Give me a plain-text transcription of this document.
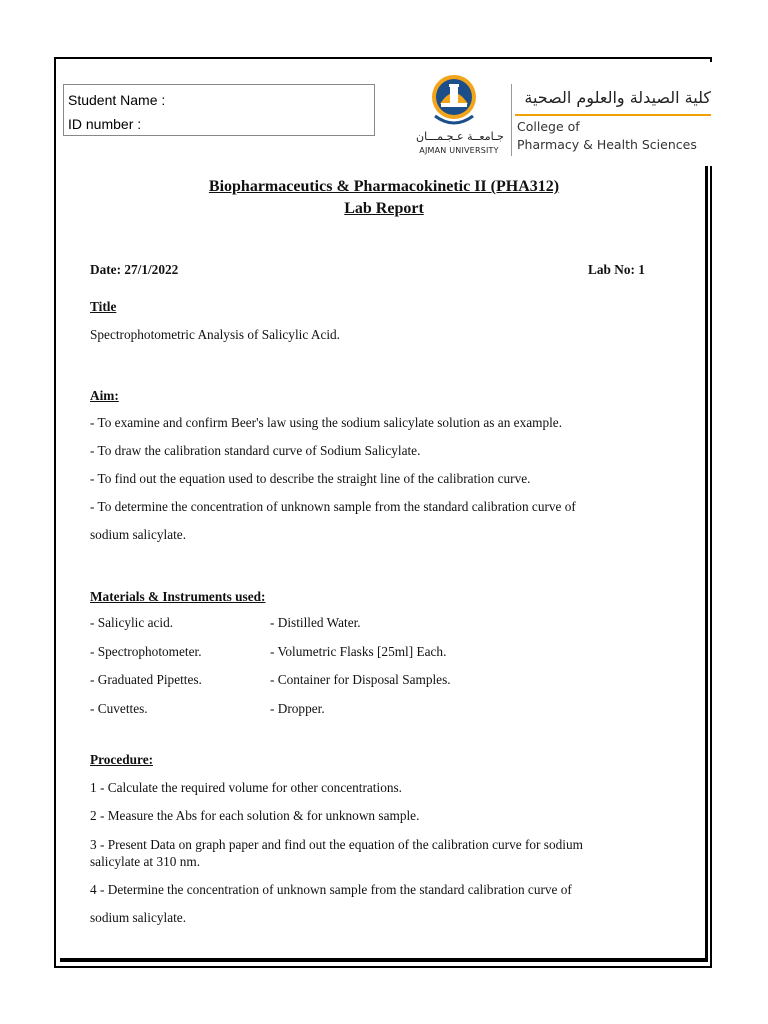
Student Name :
ID number :
جـامعــة عـجـمـــان
AJMAN UNIVERSITY
كلية الصيدلة والعلوم الصحية
College of
Pharmacy & Health Sciences
Biopharmaceutics & Pharmacokinetic II (PHA312)
Lab Report
Date: 27/1/2022	Lab No: 1
Title
Spectrophotometric Analysis of Salicylic Acid.
Aim:
- To examine and confirm Beer's law using the sodium salicylate solution as an example.
- To draw the calibration standard curve of Sodium Salicylate.
- To find out the equation used to describe the straight line of the calibration curve.
- To determine the concentration of unknown sample from the standard calibration curve of
sodium salicylate.
Materials & Instruments used:
- Salicylic acid.	- Distilled Water.
- Spectrophotometer.	- Volumetric Flasks [25ml] Each.
- Graduated Pipettes.	- Container for Disposal Samples.
- Cuvettes.	- Dropper.
Procedure:
1 - Calculate the required volume for other concentrations.
2 - Measure the Abs for each solution & for unknown sample.
3 - Present Data on graph paper and find out the equation of the calibration curve for sodium
salicylate at 310 nm.
4 - Determine the concentration of unknown sample from the standard calibration curve of
sodium salicylate.
